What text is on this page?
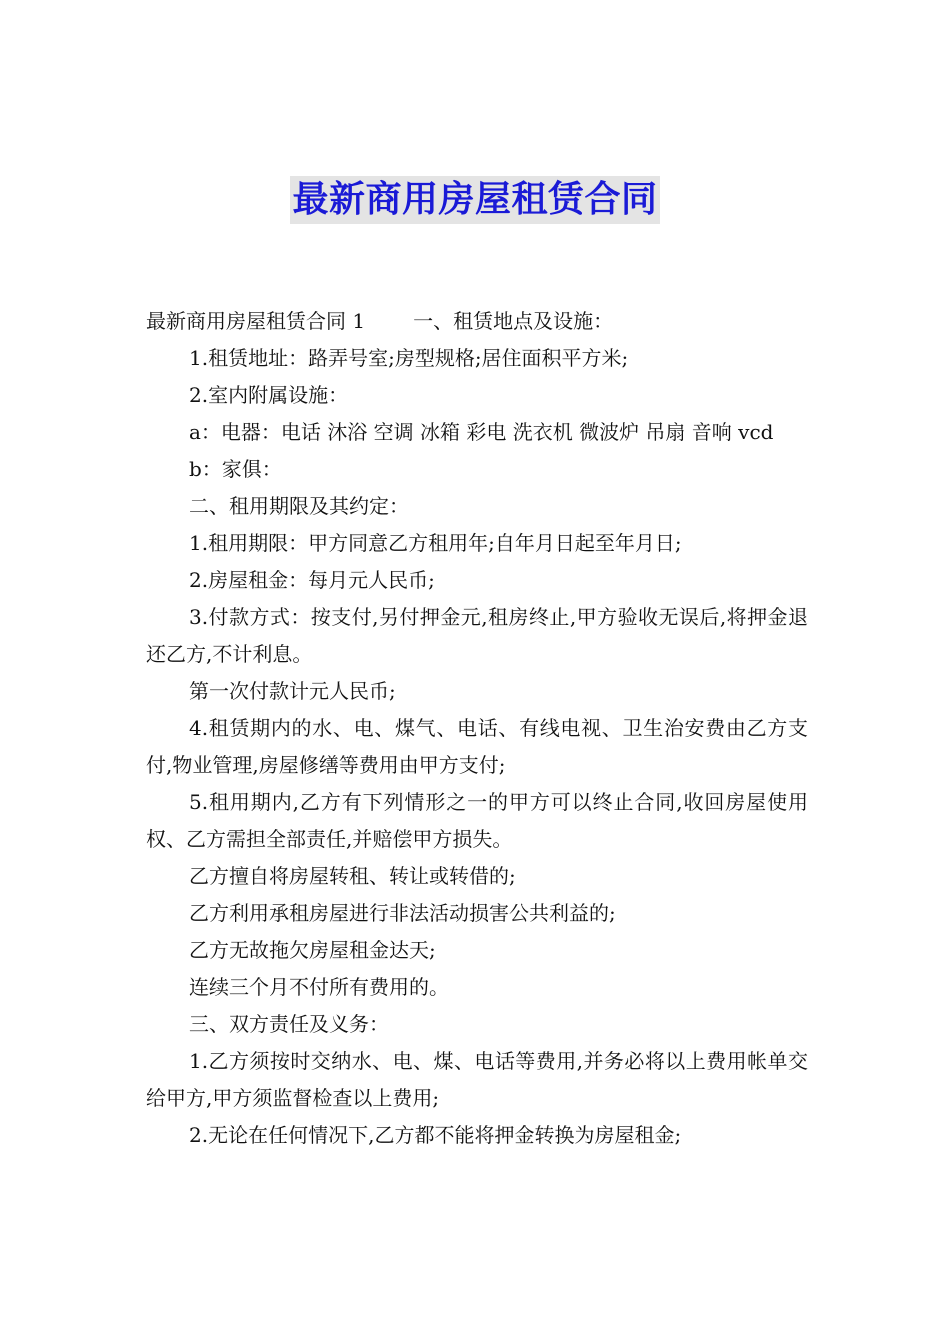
最新商用房屋租赁合同

最新商用房屋租赁合同 1 一、租赁地点及设施：

1.租赁地址：路弄号室;房型规格;居住面积平方米;

2.室内附属设施：

a：电器：电话 沐浴 空调 冰箱 彩电 洗衣机 微波炉 吊扇 音响 vcd

b：家俱：

二、租用期限及其约定：

1.租用期限：甲方同意乙方租用年;自年月日起至年月日;

2.房屋租金：每月元人民币;

3.付款方式：按支付,另付押金元,租房终止,甲方验收无误后,将押金退还乙方,不计利息。

第一次付款计元人民币;

4.租赁期内的水、电、煤气、电话、有线电视、卫生治安费由乙方支付,物业管理,房屋修缮等费用由甲方支付;

5.租用期内,乙方有下列情形之一的甲方可以终止合同,收回房屋使用权、乙方需担全部责任,并赔偿甲方损失。

乙方擅自将房屋转租、转让或转借的;

乙方利用承租房屋进行非法活动损害公共利益的;

乙方无故拖欠房屋租金达天;

连续三个月不付所有费用的。

三、双方责任及义务：

1.乙方须按时交纳水、电、煤、电话等费用,并务必将以上费用帐单交给甲方,甲方须监督检查以上费用;

2.无论在任何情况下,乙方都不能将押金转换为房屋租金;
